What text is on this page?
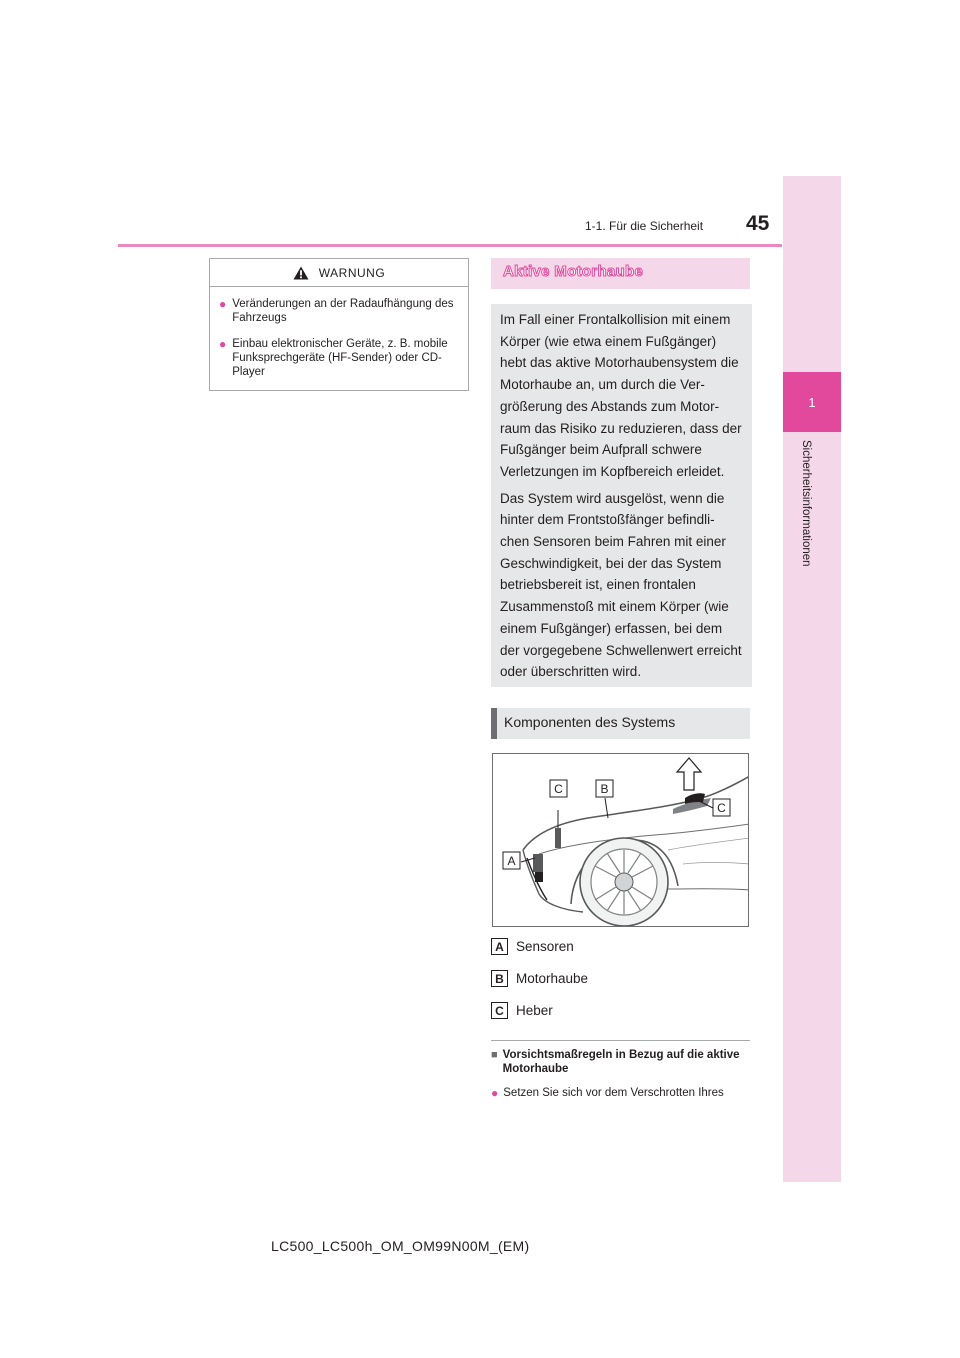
1
Sicherheitsinformationen
1-1. Für die Sicherheit 45
WARNUNG
● Veränderungen an der Radaufhängung des Fahrzeugs
● Einbau elektronischer Geräte, z. B. mobile Funksprechgeräte (HF-Sender) oder CD-Player
Aktive Motorhaube

Im Fall einer Frontalkollision mit einem Körper (wie etwa einem Fußgänger) hebt das aktive Motorhaubensystem die Motorhaube an, um durch die Ver-größerung des Abstands zum Motor-raum das Risiko zu reduzieren, dass der Fußgänger beim Aufprall schwere Verletzungen im Kopfbereich erleidet.

Das System wird ausgelöst, wenn die hinter dem Frontstoßfänger befindli-chen Sensoren beim Fahren mit einer Geschwindigkeit, bei der das System betriebsbereit ist, einen frontalen Zusammenstoß mit einem Körper (wie einem Fußgänger) erfassen, bei dem der vorgegebene Schwellenwert erreicht oder überschritten wird.

Komponenten des Systems
C	B
C
A
A Sensoren
B Motorhaube
C Heber
■ Vorsichtsmaßregeln in Bezug auf die aktive Motorhaube
● Setzen Sie sich vor dem Verschrotten Ihres
LC500_LC500h_OM_OM99N00M_(EM)
